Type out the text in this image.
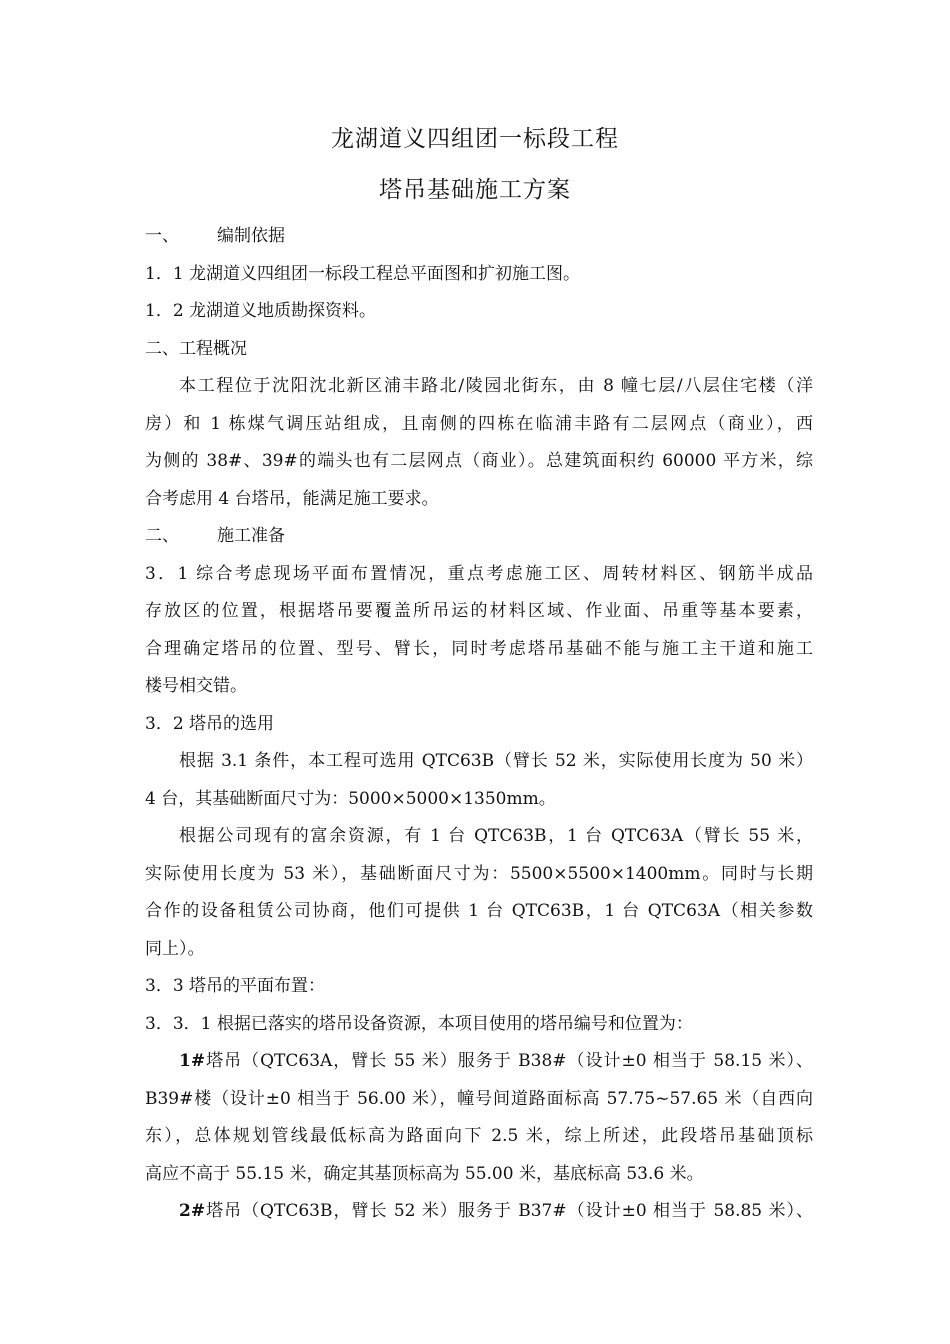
龙湖道义四组团一标段工程
塔吊基础施工方案
一、 编制依据
1．1 龙湖道义四组团一标段工程总平面图和扩初施工图。
1．2 龙湖道义地质勘探资料。
二、工程概况
本工程位于沈阳沈北新区浦丰路北/陵园北街东，由 8 幢七层/八层住宅楼（洋
房）和 1 栋煤气调压站组成，且南侧的四栋在临浦丰路有二层网点（商业），西
为侧的 38#、39#的端头也有二层网点（商业）。总建筑面积约 60000 平方米，综
合考虑用 4 台塔吊，能满足施工要求。
二、 施工准备
3．1 综合考虑现场平面布置情况，重点考虑施工区、周转材料区、钢筋半成品
存放区的位置，根据塔吊要覆盖所吊运的材料区域、作业面、吊重等基本要素，
合理确定塔吊的位置、型号、臂长，同时考虑塔吊基础不能与施工主干道和施工
楼号相交错。
3．2 塔吊的选用
根据 3.1 条件，本工程可选用 QTC63B（臂长 52 米，实际使用长度为 50 米）
4 台，其基础断面尺寸为：5000×5000×1350mm。
根据公司现有的富余资源，有 1 台 QTC63B，1 台 QTC63A（臂长 55 米，
实际使用长度为 53 米），基础断面尺寸为：5500×5500×1400mm。同时与长期
合作的设备租赁公司协商，他们可提供 1 台 QTC63B，1 台 QTC63A（相关参数
同上）。
3．3 塔吊的平面布置：
3．3．1 根据已落实的塔吊设备资源，本项目使用的塔吊编号和位置为：
1#塔吊（QTC63A，臂长 55 米）服务于 B38#（设计±0 相当于 58.15 米）、
B39#楼（设计±0 相当于 56.00 米），幢号间道路面标高 57.75~57.65 米（自西向
东），总体规划管线最低标高为路面向下 2.5 米，综上所述，此段塔吊基础顶标
高应不高于 55.15 米，确定其基顶标高为 55.00 米，基底标高 53.6 米。
2#塔吊（QTC63B，臂长 52 米）服务于 B37#（设计±0 相当于 58.85 米）、
